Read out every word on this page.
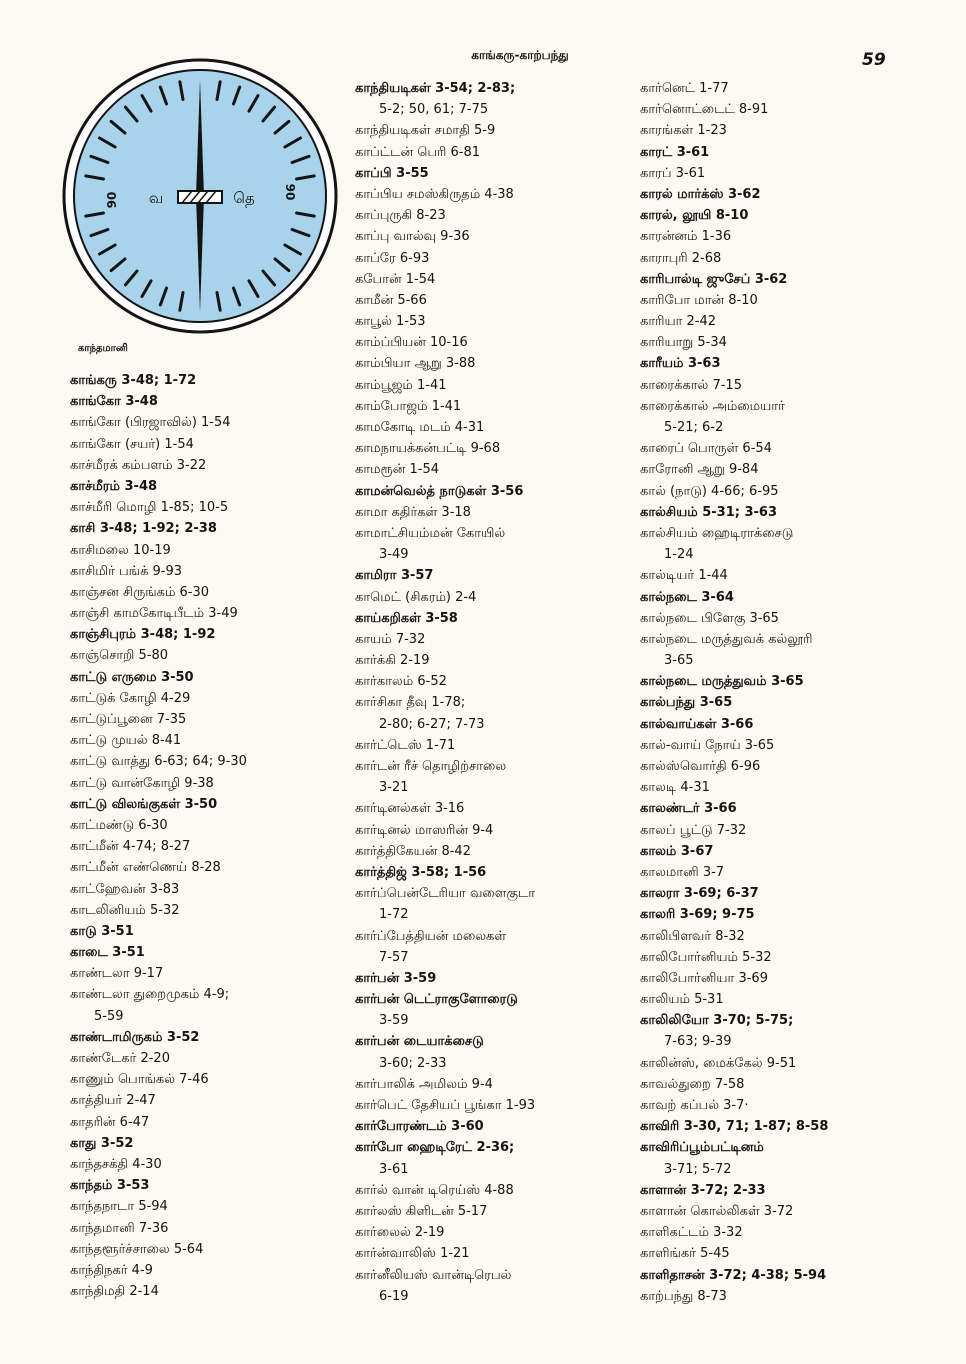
காங்கரு-காற்பந்து	59
வ	தெ
90	90
காந்தமானி
காங்கரு 3-48; 1-72
காங்கோ 3-48
காங்கோ (பிரஜாவில்) 1-54
காங்கோ (சயர்) 1-54
காச்மீரக் கம்பளம் 3-22
காச்மீரம் 3-48
காச்மீரி மொழி 1-85; 10-5
காசி 3-48; 1-92; 2-38
காசிமலை 10-19
காசிமிர் பங்க் 9-93
காஞ்சன சிருங்கம் 6-30
காஞ்சி காமகோடிபீடம் 3-49
காஞ்சிபுரம் 3-48; 1-92
காஞ்சொறி 5-80
காட்டு எருமை 3-50
காட்டுக் கோழி 4-29
காட்டுப்பூனை 7-35
காட்டு முயல் 8-41
காட்டு வாத்து 6-63; 64; 9-30
காட்டு வான்கோழி 9-38
காட்டு விலங்குகள் 3-50
காட்மண்டு 6-30
காட்மீன் 4-74; 8-27
காட்மீன் எண்ணெய் 8-28
காட்ஹேவன் 3-83
காடலினியம் 5-32
காடு 3-51
காடை 3-51
காண்டலா 9-17
காண்டலா துறைமுகம் 4-9;
5-59
காண்டாமிருகம் 3-52
காண்டேகர் 2-20
காணும் பொங்கல் 7-46
காத்தியர் 2-47
காதரின் 6-47
காது 3-52
காந்தசக்தி 4-30
காந்தம் 3-53
காந்தநாடா 5-94
காந்தமானி 7-36
காந்தளூர்ச்சாலை 5-64
காந்திநகர் 4-9
காந்திமதி 2-14
காந்தியடிகள் 3-54; 2-83;
5-2; 50, 61; 7-75
காந்தியடிகள் சமாதி 5-9
காப்ட்டன் பெரி 6-81
காப்பி 3-55
காப்பிய சமஸ்கிருதம் 4-38
காப்புருகி 8-23
காப்பு வால்வு 9-36
காப்ரே 6-93
கபோன் 1-54
காமீன் 5-66
காபூல் 1-53
காம்ப்பியன் 10-16
காம்பியா ஆறு 3-88
காம்பூஜம் 1-41
காம்போஜம் 1-41
காமகோடி மடம் 4-31
காமநாயக்கன்பட்டி 9-68
காமரூன் 1-54
காமன்வெல்த் நாடுகள் 3-56
காமா கதிர்கள் 3-18
காமாட்சியம்மன் கோயில்
3-49
காமிரா 3-57
காமெட் (சிகரம்) 2-4
காய்கறிகள் 3-58
காயம் 7-32
கார்க்கி 2-19
கார்காலம் 6-52
கார்சிகா தீவு 1-78;
2-80; 6-27; 7-73
கார்ட்டெஸ் 1-71
கார்டன் ரீச் தொழிற்சாலை
3-21
கார்டினல்கள் 3-16
கார்டினல் மாஸரின் 9-4
கார்த்திகேயன் 8-42
கார்த்திஜ் 3-58; 1-56
கார்ப்பென்டேரியா வளைகுடா
1-72
கார்ப்பேத்தியன் மலைகள்
7-57
கார்பன் 3-59
கார்பன் டெட்ராகுளோரைடு
3-59
கார்பன் டையாக்சைடு
3-60; 2-33
கார்பாலிக் அமிலம் 9-4
கார்பெட் தேசியப் பூங்கா 1-93
கார்போரண்டம் 3-60
கார்போ ஹைடிரேட் 2-36;
3-61
கார்ல் வான் டிரெய்ஸ் 4-88
கார்லஸ் கிளிடன் 5-17
கார்லைல் 2-19
கார்ன்வாலிஸ் 1-21
கார்னீலியஸ் வான்டிரெபல்
6-19
கார்னெட் 1-77
கார்னொட்டைட் 8-91
காரங்கள் 1-23
காரட் 3-61
காரப் 3-61
காரல் மார்க்ஸ் 3-62
காரல், லூயி 8-10
காரன்னம் 1-36
காராபுரி 2-68
காரிபால்டி ஜுசேப் 3-62
காரிபோ மான் 8-10
காரியா 2-42
காரியாறு 5-34
காரீயம் 3-63
காரைக்கால் 7-15
காரைக்கால் அம்மையார்
5-21; 6-2
காரைப் பொருள் 6-54
காரோனி ஆறு 9-84
கால் (நாடு) 4-66; 6-95
கால்சியம் 5-31; 3-63
கால்சியம் ஹைடிராக்சைடு
1-24
கால்டியர் 1-44
கால்நடை 3-64
கால்நடை பிளேகு 3-65
கால்நடை மருத்துவக் கல்லூரி
3-65
கால்நடை மருத்துவம் 3-65
கால்பந்து 3-65
கால்வாய்கள் 3-66
கால்-வாய் நோய் 3-65
கால்ஸ்வொர்தி 6-96
காலடி 4-31
காலண்டர் 3-66
காலப் பூட்டு 7-32
காலம் 3-67
காலமானி 3-7
காலரா 3-69; 6-37
காலரி 3-69; 9-75
காலிபிளவர் 8-32
காலிபோர்னியம் 5-32
காலிபோர்னியா 3-69
காலியம் 5-31
காலிலியோ 3-70; 5-75;
7-63; 9-39
காலின்ஸ், மைக்கேல் 9-51
காவல்துறை 7-58
காவற் கப்பல் 3-7·
காவிரி 3-30, 71; 1-87; 8-58
காவிரிப்பூம்பட்டினம்
3-71; 5-72
காளான் 3-72; 2-33
காளான் கொல்லிகள் 3-72
காளிகட்டம் 3-32
காளிங்கர் 5-45
காளிதாசன் 3-72; 4-38; 5-94
காற்பந்து 8-73
